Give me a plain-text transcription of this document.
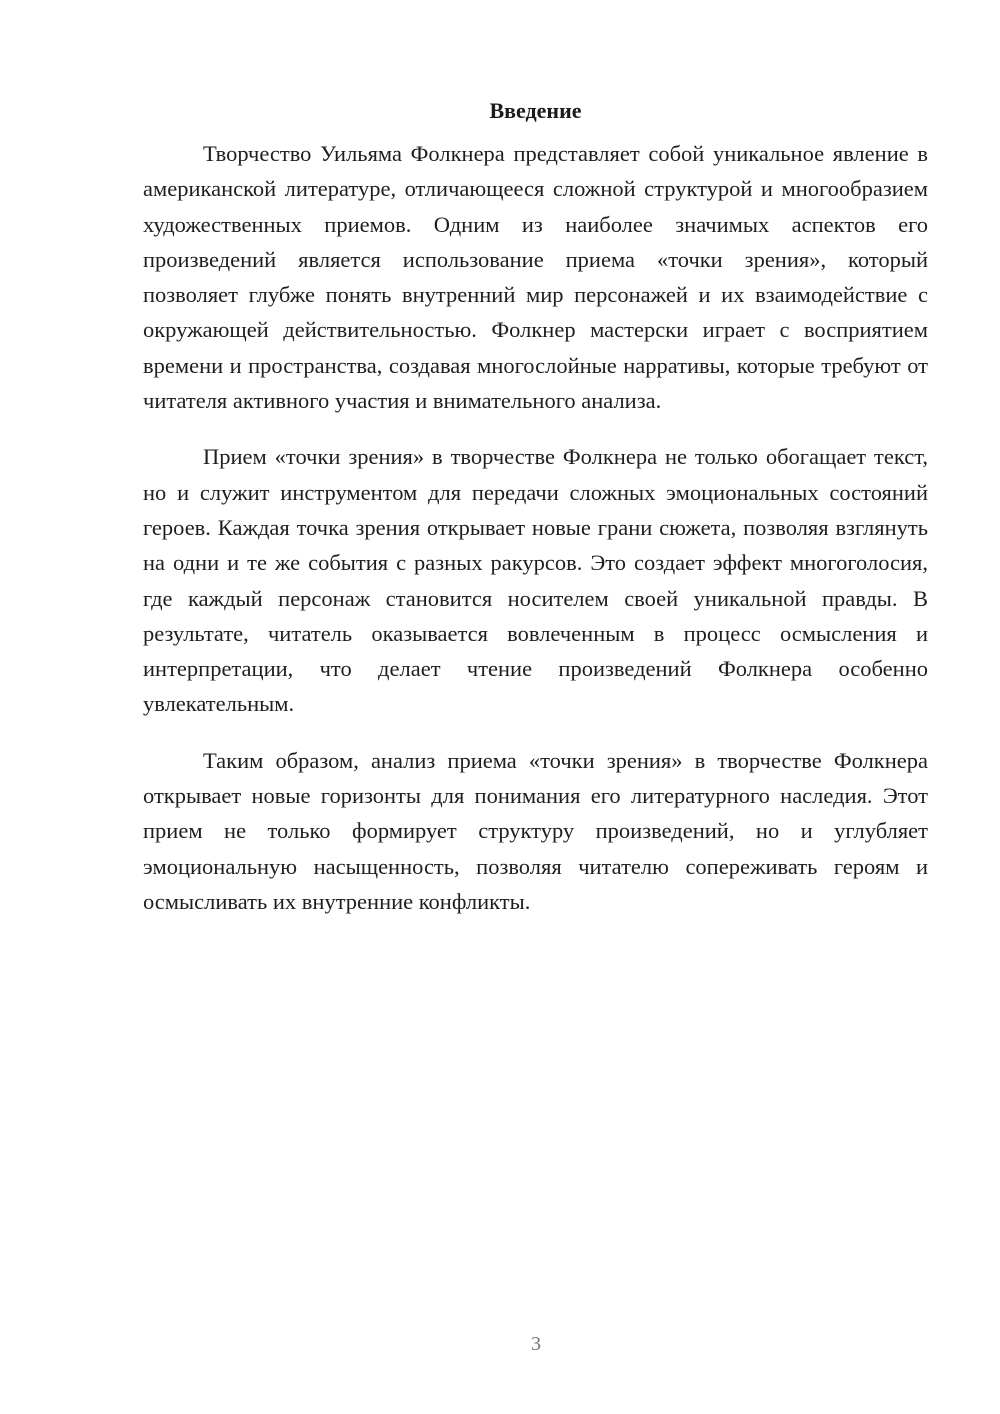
Введение

Творчество Уильяма Фолкнера представляет собой уникальное явление в американской литературе, отличающееся сложной структурой и многообразием художественных приемов. Одним из наиболее значимых аспектов его произведений является использование приема «точки зрения», который позволяет глубже понять внутренний мир персонажей и их взаимодействие с окружающей действительностью. Фолкнер мастерски играет с восприятием времени и пространства, создавая многослойные нарративы, которые требуют от читателя активного участия и внимательного анализа.

Прием «точки зрения» в творчестве Фолкнера не только обогащает текст, но и служит инструментом для передачи сложных эмоциональных состояний героев. Каждая точка зрения открывает новые грани сюжета, позволяя взглянуть на одни и те же события с разных ракурсов. Это создает эффект многоголосия, где каждый персонаж становится носителем своей уникальной правды. В результате, читатель оказывается вовлеченным в процесс осмысления и интерпретации, что делает чтение произведений Фолкнера особенно увлекательным.

Таким образом, анализ приема «точки зрения» в творчестве Фолкнера открывает новые горизонты для понимания его литературного наследия. Этот прием не только формирует структуру произведений, но и углубляет эмоциональную насыщенность, позволяя читателю сопереживать героям и осмысливать их внутренние конфликты.

3
